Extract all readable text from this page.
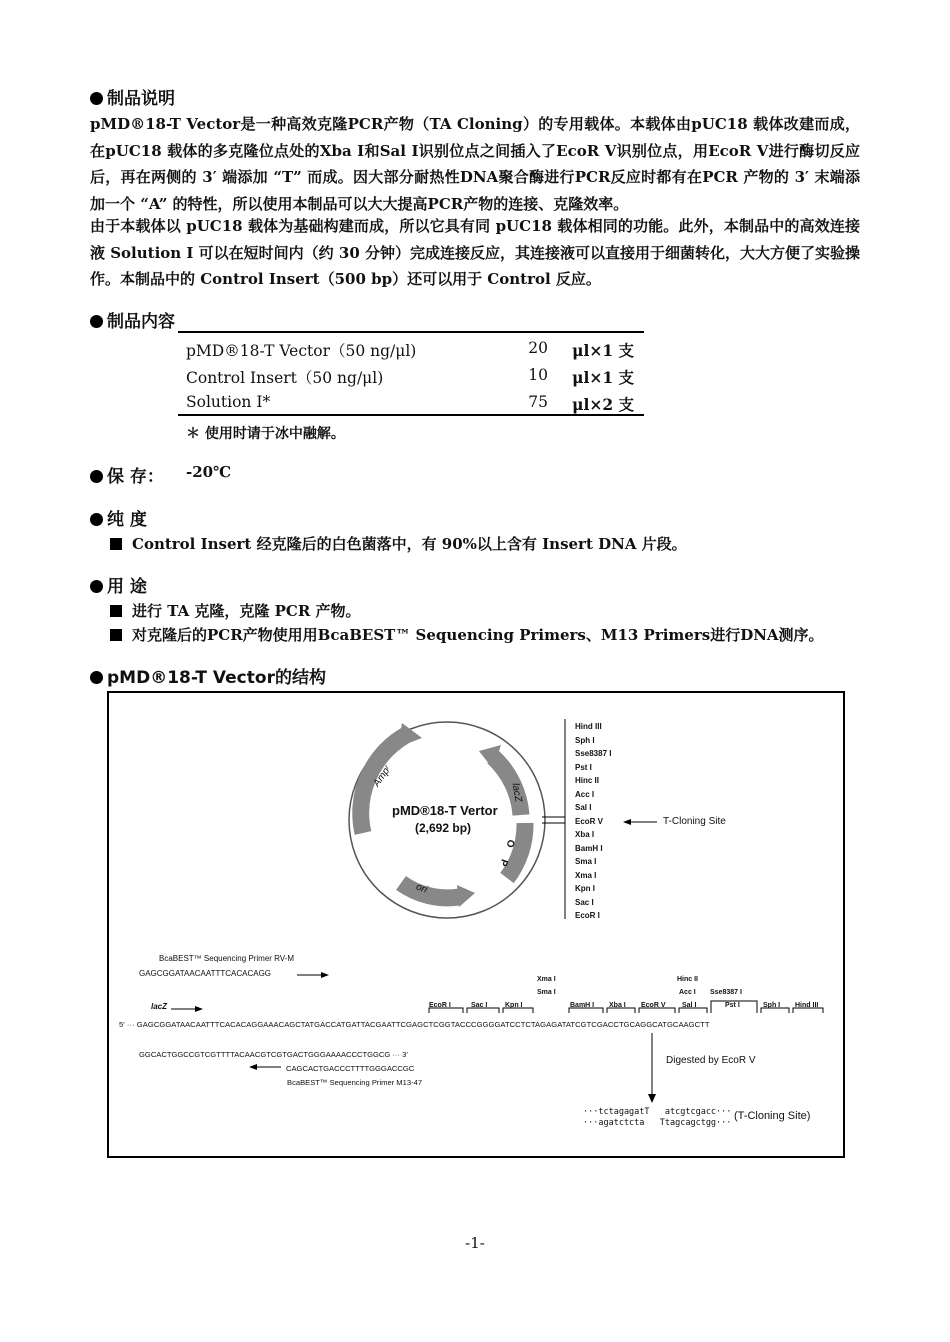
制品说明
pMD®18-T Vector是一种高效克隆PCR产物（TA Cloning）的专用载体。本载体由pUC18 载体改建而成，在pUC18 载体的多克隆位点处的Xba I和Sal I识别位点之间插入了EcoR V识别位点，用EcoR V进行酶切反应后，再在两侧的 3′ 端添加 “T” 而成。因大部分耐热性DNA聚合酶进行PCR反应时都有在PCR 产物的 3′ 末端添加一个 “A” 的特性，所以使用本制品可以大大提高PCR产物的连接、克隆效率。
由于本载体以 pUC18 载体为基础构建而成，所以它具有同 pUC18 载体相同的功能。此外，本制品中的高效连接液 Solution I 可以在短时间内（约 30 分钟）完成连接反应，其连接液可以直接用于细菌转化，大大方便了实验操作。本制品中的 Control Insert（500 bp）还可以用于 Control 反应。
制品内容
pMD®18-T Vector（50 ng/μl)	20 μl×1 支
Control Insert（50 ng/μl)	10 μl×1 支
Solution I*	75 μl×2 支
＊ 使用时请于冰中融解。
保 存： -20℃
纯 度
Control Insert 经克隆后的白色菌落中，有 90%以上含有 Insert DNA 片段。
用 途
进行 TA 克隆，克隆 PCR 产物。
对克隆后的PCR产物使用用BcaBEST™ Sequencing Primers、M13 Primers进行DNA测序。
pMD®18-T Vector的结构
pMD®18-T Vertor
(2,692 bp)
Ampʳ
lacZ
O
P
ori
Hind III
Sph I
Sse8387 I
Pst I
Hinc II
Acc I
Sal I
EcoR V
Xba I
BamH I
Sma I
Xma I
Kpn I
Sac I
EcoR I
T-Cloning Site
BcaBEST™ Sequencing Primer RV-M
GAGCGGATAACAATTTCACACAGG
lacZ	EcoR I	Sac I	Kpn I	BamH I Xba I EcoR V Sal I	Pst I	Sph I Hind III
Xma I
Sma I
Hinc II
Acc I Sse8387 I
5′ ··· GAGCGGATAACAATTTCACACAGGAAACAGCTATGACCATGATTACGAATTCGAGCTCGGTACCCGGGGATCCTCTAGAGATATCGTCGACCTGCAGGCATGCAAGCTT
GGCACTGGCCGTCGTTTTACAACGTCGTGACTGGGAAAACCCTGGCG ··· 3′
CAGCACTGACCCTTTTGGGACCGC
BcaBEST™ Sequencing Primer M13-47
Digested by EcoR V
···tctagagatT   atcgtcgacc···
···agatctcta   Ttagcagctgg···
(T-Cloning Site)
-1-
